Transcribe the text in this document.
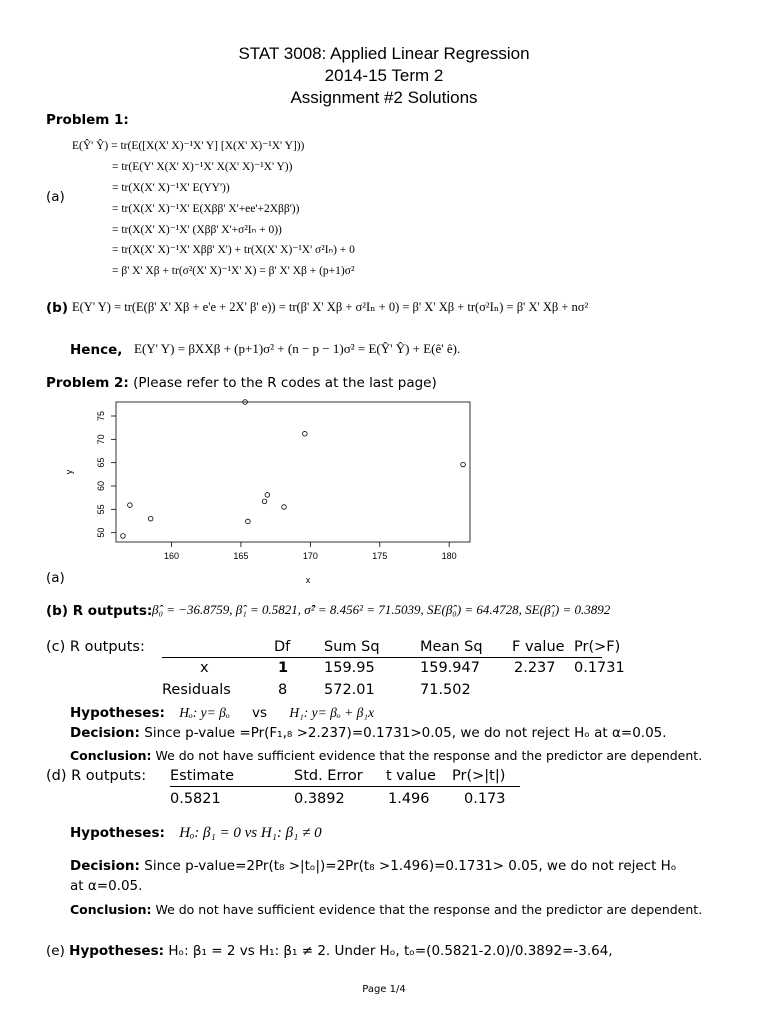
STAT 3008: Applied Linear Regression
2014-15 Term 2
Assignment #2 Solutions
Problem 1:
(a)
E(Ŷ' Ŷ) = tr(E([X(X' X)⁻¹X' Y] [X(X' X)⁻¹X' Y]))
= tr(E(Y' X(X' X)⁻¹X' X(X' X)⁻¹X' Y))
= tr(X(X' X)⁻¹X' E(YY'))
= tr(X(X' X)⁻¹X' E(Xββ' X'+ee'+2Xββ'))
= tr(X(X' X)⁻¹X' (Xββ' X'+σ²Iₙ + 0))
= tr(X(X' X)⁻¹X' Xββ' X') + tr(X(X' X)⁻¹X' σ²Iₙ) + 0
= β' X' Xβ + tr(σ²(X' X)⁻¹X' X) = β' X' Xβ + (p+1)σ²
(b) E(Y' Y) = tr(E(β' X' Xβ + e'e + 2X' β' e)) = tr(β' X' Xβ + σ²Iₙ + 0) = β' X' Xβ + tr(σ²Iₙ) = β' X' Xβ + nσ²
Hence, E(Y' Y) = βXXβ + (p+1)σ² + (n − p − 1)σ² = E(Ŷ' Ŷ) + E(ê' ê).
Problem 2: (Please refer to the R codes at the last page)
160	165	170	175	180
50
55
60
65
70
75
y
x
(a)
(b) R outputs: β̂₀ = −36.8759, β̂₁ = 0.5821, σ̂² = 8.456² = 71.5039, SE(β̂₀) = 64.4728, SE(β̂₁) = 0.3892
(c) R outputs:	Df Sum Sq	Mean Sq F value Pr(>F)
x	1 159.95	159.947 2.237 0.1731
Residuals	8	572.01	71.502
Hypotheses: Hₒ: y= βₒ vs H₁: y= βₒ + β₁x
Decision: Since p-value =Pr(F₁,₈ >2.237)=0.1731>0.05, we do not reject Hₒ at α=0.05.
Conclusion: We do not have sufficient evidence that the response and the predictor are dependent.
(d) R outputs: Estimate	Std. Error t value Pr(>|t|)
0.5821	0.3892	1.496 0.173
Hypotheses: Hₒ: β₁ = 0 vs H₁: β₁ ≠ 0
Decision: Since p-value=2Pr(t₈ >|tₒ|)=2Pr(t₈ >1.496)=0.1731> 0.05, we do not reject Hₒ
at α=0.05.
Conclusion: We do not have sufficient evidence that the response and the predictor are dependent.
(e) Hypotheses: Hₒ: β₁ = 2 vs H₁: β₁ ≠ 2. Under Hₒ, tₒ=(0.5821-2.0)/0.3892=-3.64,
Page 1/4
